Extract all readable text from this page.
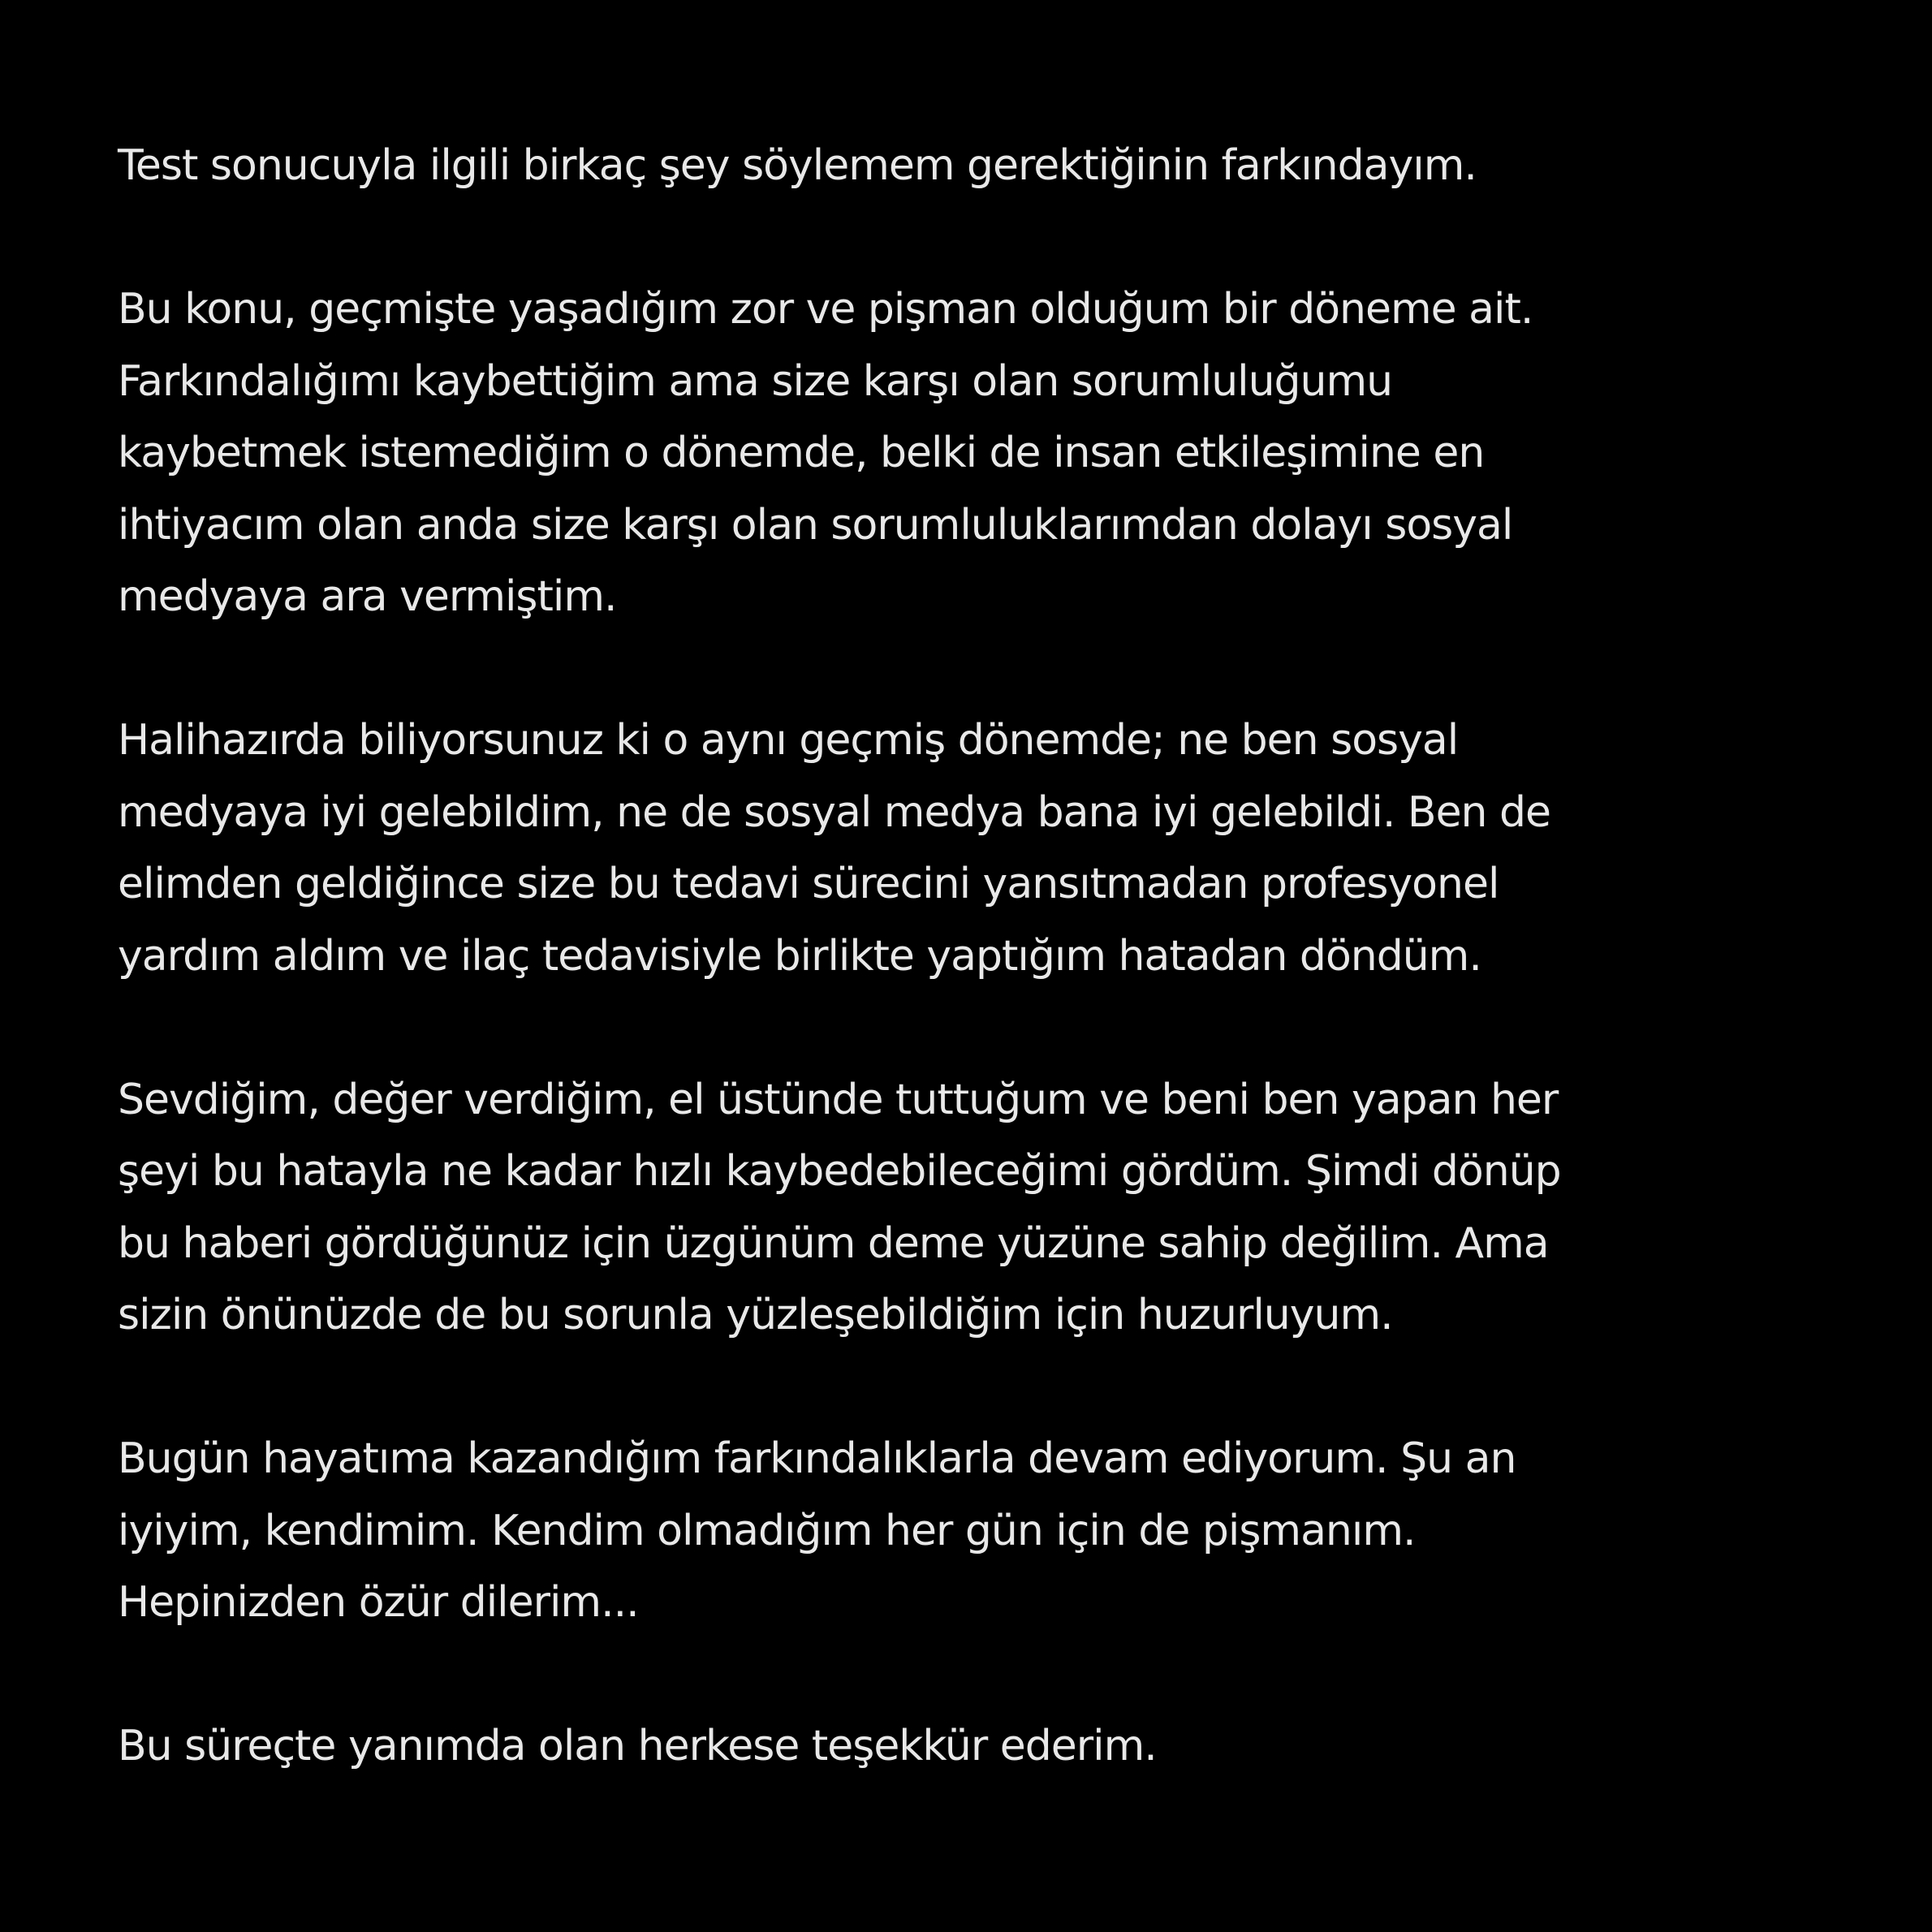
Test sonucuyla ilgili birkaç şey söylemem gerektiğinin farkındayım.

Bu konu, geçmişte yaşadığım zor ve pişman olduğum bir döneme ait.
Farkındalığımı kaybettiğim ama size karşı olan sorumluluğumu
kaybetmek istemediğim o dönemde, belki de insan etkileşimine en
ihtiyacım olan anda size karşı olan sorumluluklarımdan dolayı sosyal
medyaya ara vermiştim.

Halihazırda biliyorsunuz ki o aynı geçmiş dönemde; ne ben sosyal
medyaya iyi gelebildim, ne de sosyal medya bana iyi gelebildi. Ben de
elimden geldiğince size bu tedavi sürecini yansıtmadan profesyonel
yardım aldım ve ilaç tedavisiyle birlikte yaptığım hatadan döndüm.

Sevdiğim, değer verdiğim, el üstünde tuttuğum ve beni ben yapan her
şeyi bu hatayla ne kadar hızlı kaybedebileceğimi gördüm. Şimdi dönüp
bu haberi gördüğünüz için üzgünüm deme yüzüne sahip değilim. Ama
sizin önünüzde de bu sorunla yüzleşebildiğim için huzurluyum.

Bugün hayatıma kazandığım farkındalıklarla devam ediyorum. Şu an
iyiyim, kendimim. Kendim olmadığım her gün için de pişmanım.
Hepinizden özür dilerim...

Bu süreçte yanımda olan herkese teşekkür ederim.
